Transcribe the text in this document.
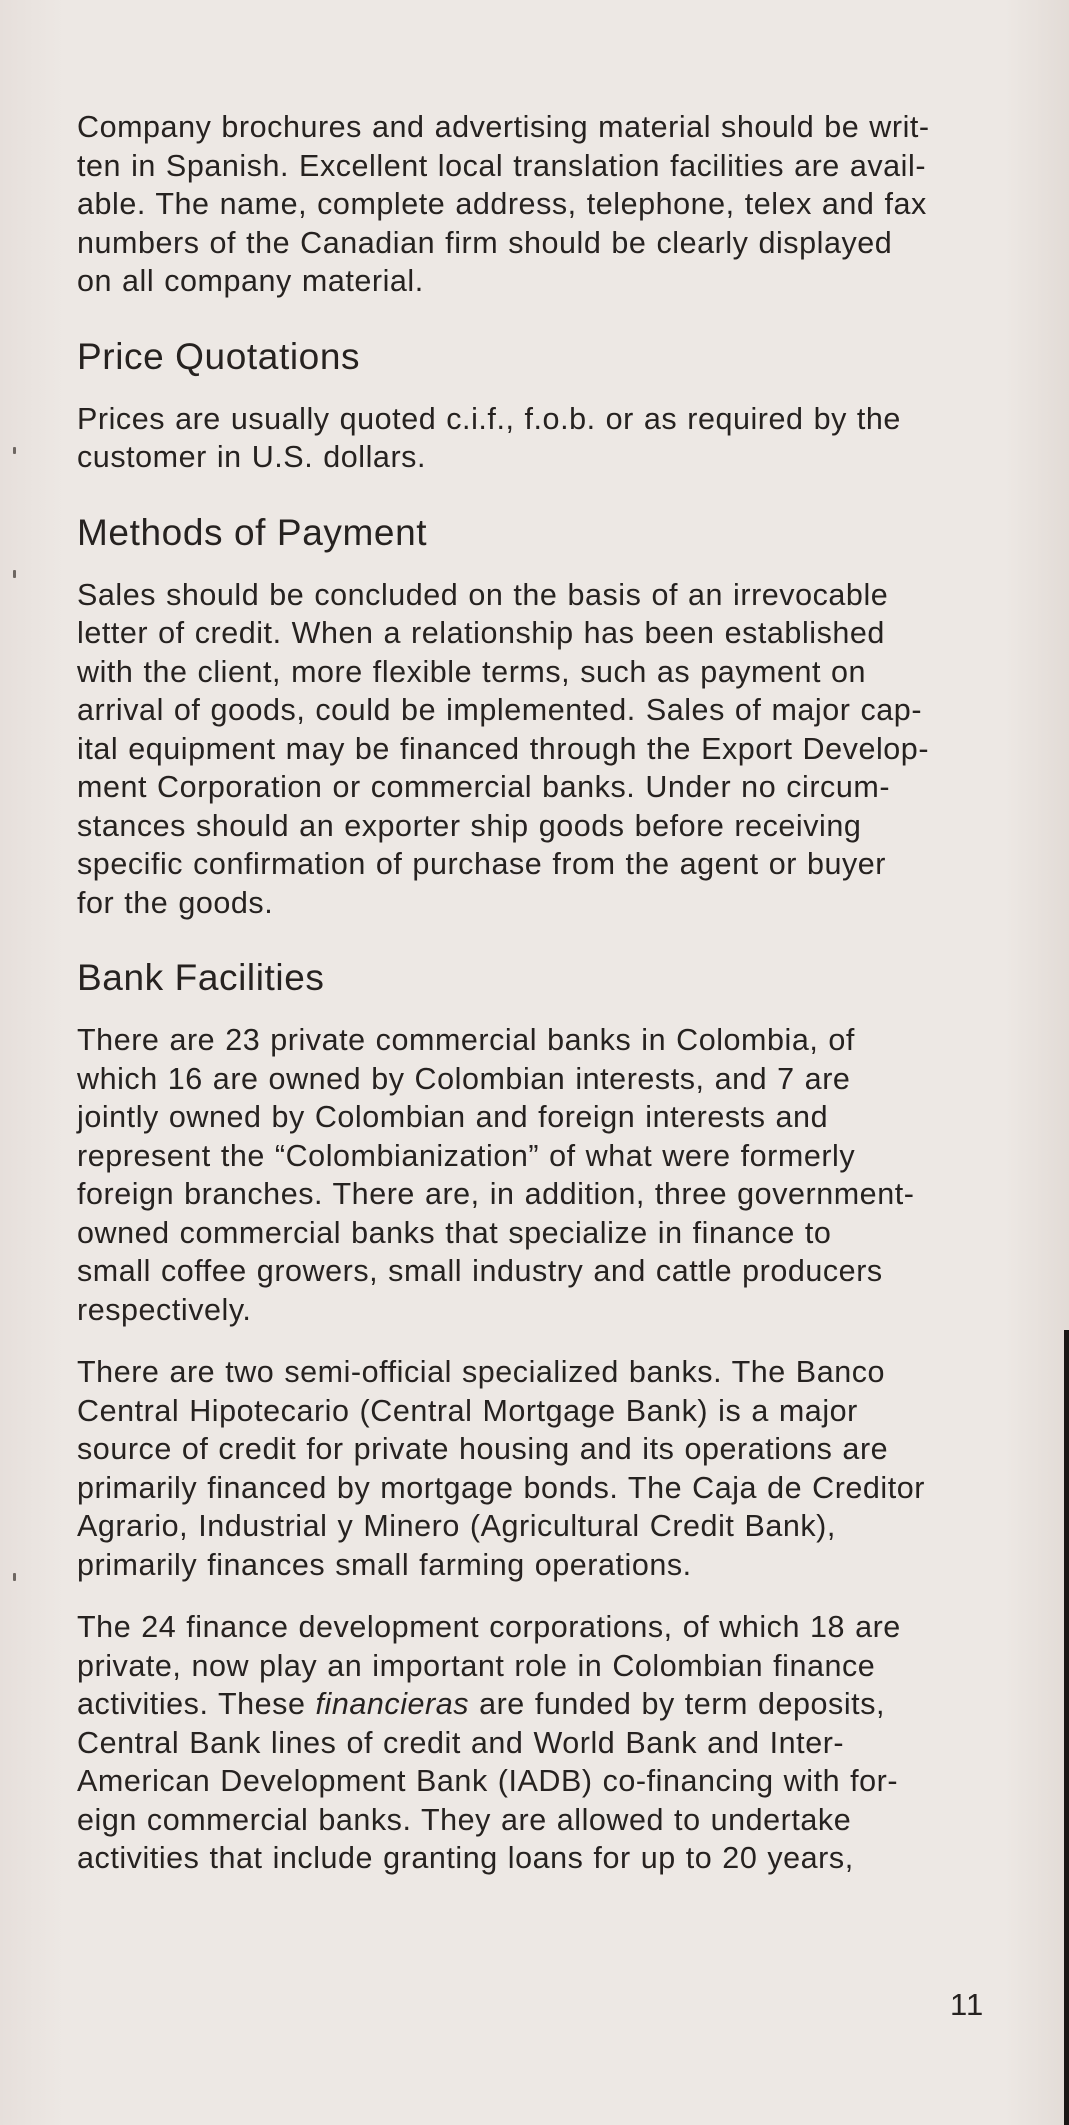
Company brochures and advertising material should be writ-
ten in Spanish. Excellent local translation facilities are avail-
able. The name, complete address, telephone, telex and fax
numbers of the Canadian firm should be clearly displayed
on all company material.

Price Quotations

Prices are usually quoted c.i.f., f.o.b. or as required by the
customer in U.S. dollars.

Methods of Payment

Sales should be concluded on the basis of an irrevocable
letter of credit. When a relationship has been established
with the client, more flexible terms, such as payment on
arrival of goods, could be implemented. Sales of major cap-
ital equipment may be financed through the Export Develop-
ment Corporation or commercial banks. Under no circum-
stances should an exporter ship goods before receiving
specific confirmation of purchase from the agent or buyer
for the goods.

Bank Facilities

There are 23 private commercial banks in Colombia, of
which 16 are owned by Colombian interests, and 7 are
jointly owned by Colombian and foreign interests and
represent the “Colombianization” of what were formerly
foreign branches. There are, in addition, three government-
owned commercial banks that specialize in finance to
small coffee growers, small industry and cattle producers
respectively.

There are two semi-official specialized banks. The Banco
Central Hipotecario (Central Mortgage Bank) is a major
source of credit for private housing and its operations are
primarily financed by mortgage bonds. The Caja de Creditor
Agrario, Industrial y Minero (Agricultural Credit Bank),
primarily finances small farming operations.

The 24 finance development corporations, of which 18 are
private, now play an important role in Colombian finance
activities. These financieras are funded by term deposits,
Central Bank lines of credit and World Bank and Inter-
American Development Bank (IADB) co-financing with for-
eign commercial banks. They are allowed to undertake
activities that include granting loans for up to 20 years,

11
